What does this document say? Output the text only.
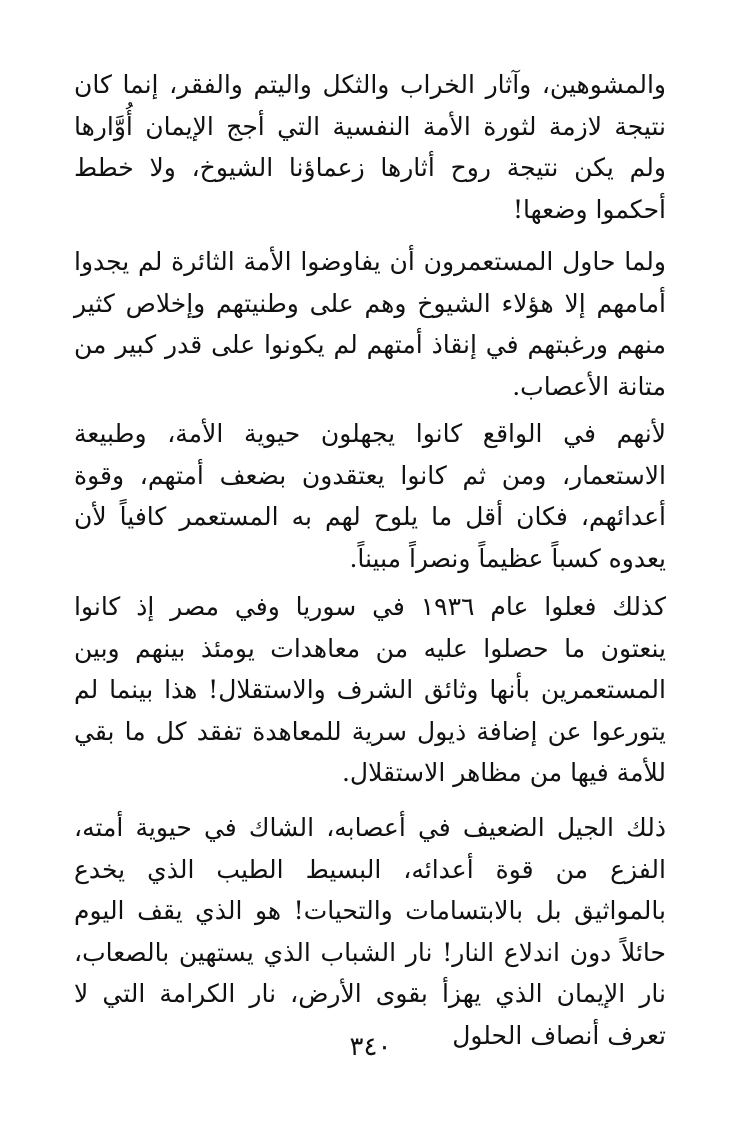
والمشوهين، وآثار الخراب والثكل واليتم والفقر، إنما كان نتيجة لازمة لثورة الأمة النفسية التي أجج الإيمان أُوَّارها ولم يكن نتيجة روح أثارها زعماؤنا الشيوخ، ولا خطط أحكموا وضعها!

ولما حاول المستعمرون أن يفاوضوا الأمة الثائرة لم يجدوا أمامهم إلا هؤلاء الشيوخ وهم على وطنيتهم وإخلاص كثير منهم ورغبتهم في إنقاذ أمتهم لم يكونوا على قدر كبير من متانة الأعصاب.

لأنهم في الواقع كانوا يجهلون حيوية الأمة، وطبيعة الاستعمار، ومن ثم كانوا يعتقدون بضعف أمتهم، وقوة أعدائهم، فكان أقل ما يلوح لهم به المستعمر كافياً لأن يعدوه كسباً عظيماً ونصراً مبيناً.

كذلك فعلوا عام ١٩٣٦ في سوريا وفي مصر إذ كانوا ينعتون ما حصلوا عليه من معاهدات يومئذ بينهم وبين المستعمرين بأنها وثائق الشرف والاستقلال! هذا بينما لم يتورعوا عن إضافة ذيول سرية للمعاهدة تفقد كل ما بقي للأمة فيها من مظاهر الاستقلال.

ذلك الجيل الضعيف في أعصابه، الشاك في حيوية أمته، الفزع من قوة أعدائه، البسيط الطيب الذي يخدع بالمواثيق بل بالابتسامات والتحيات! هو الذي يقف اليوم حائلاً دون اندلاع النار! نار الشباب الذي يستهين بالصعاب، نار الإيمان الذي يهزأ بقوى الأرض، نار الكرامة التي لا تعرف أنصاف الحلول

٣٤٠
